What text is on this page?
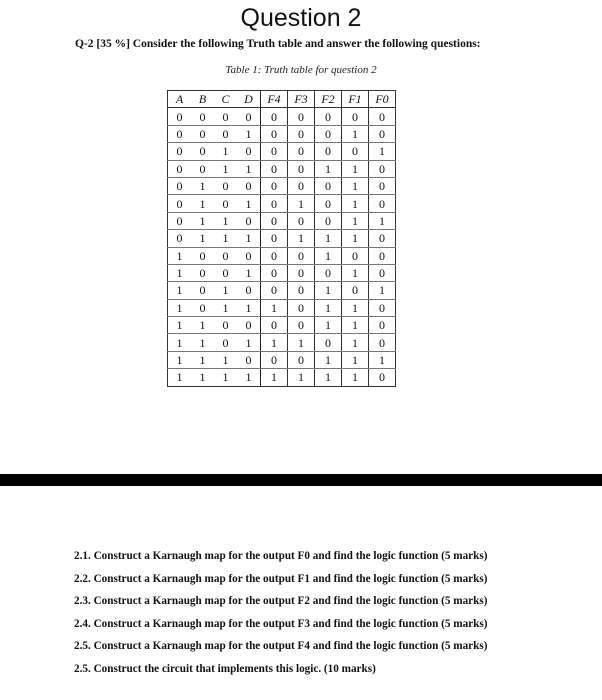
Question 2
Q-2 [35 %] Consider the following Truth table and answer the following questions:
Table 1: Truth table for question 2
A	B	C	D	F4	F3	F2	F1	F0
0	0	0	0	0	0	0	0	0
0	0	0	1	0	0	0	1	0
0	0	1	0	0	0	0	0	1
0	0	1	1	0	0	1	1	0
0	1	0	0	0	0	0	1	0
0	1	0	1	0	1	0	1	0
0	1	1	0	0	0	0	1	1
0	1	1	1	0	1	1	1	0
1	0	0	0	0	0	1	0	0
1	0	0	1	0	0	0	1	0
1	0	1	0	0	0	1	0	1
1	0	1	1	1	0	1	1	0
1	1	0	0	0	0	1	1	0
1	1	0	1	1	1	0	1	0
1	1	1	0	0	0	1	1	1
1	1	1	1	1	1	1	1	0
2.1. Construct a Karnaugh map for the output F0 and find the logic function (5 marks)
2.2. Construct a Karnaugh map for the output F1 and find the logic function (5 marks)
2.3. Construct a Karnaugh map for the output F2 and find the logic function (5 marks)
2.4. Construct a Karnaugh map for the output F3 and find the logic function (5 marks)
2.5. Construct a Karnaugh map for the output F4 and find the logic function (5 marks)
2.5. Construct the circuit that implements this logic. (10 marks)
